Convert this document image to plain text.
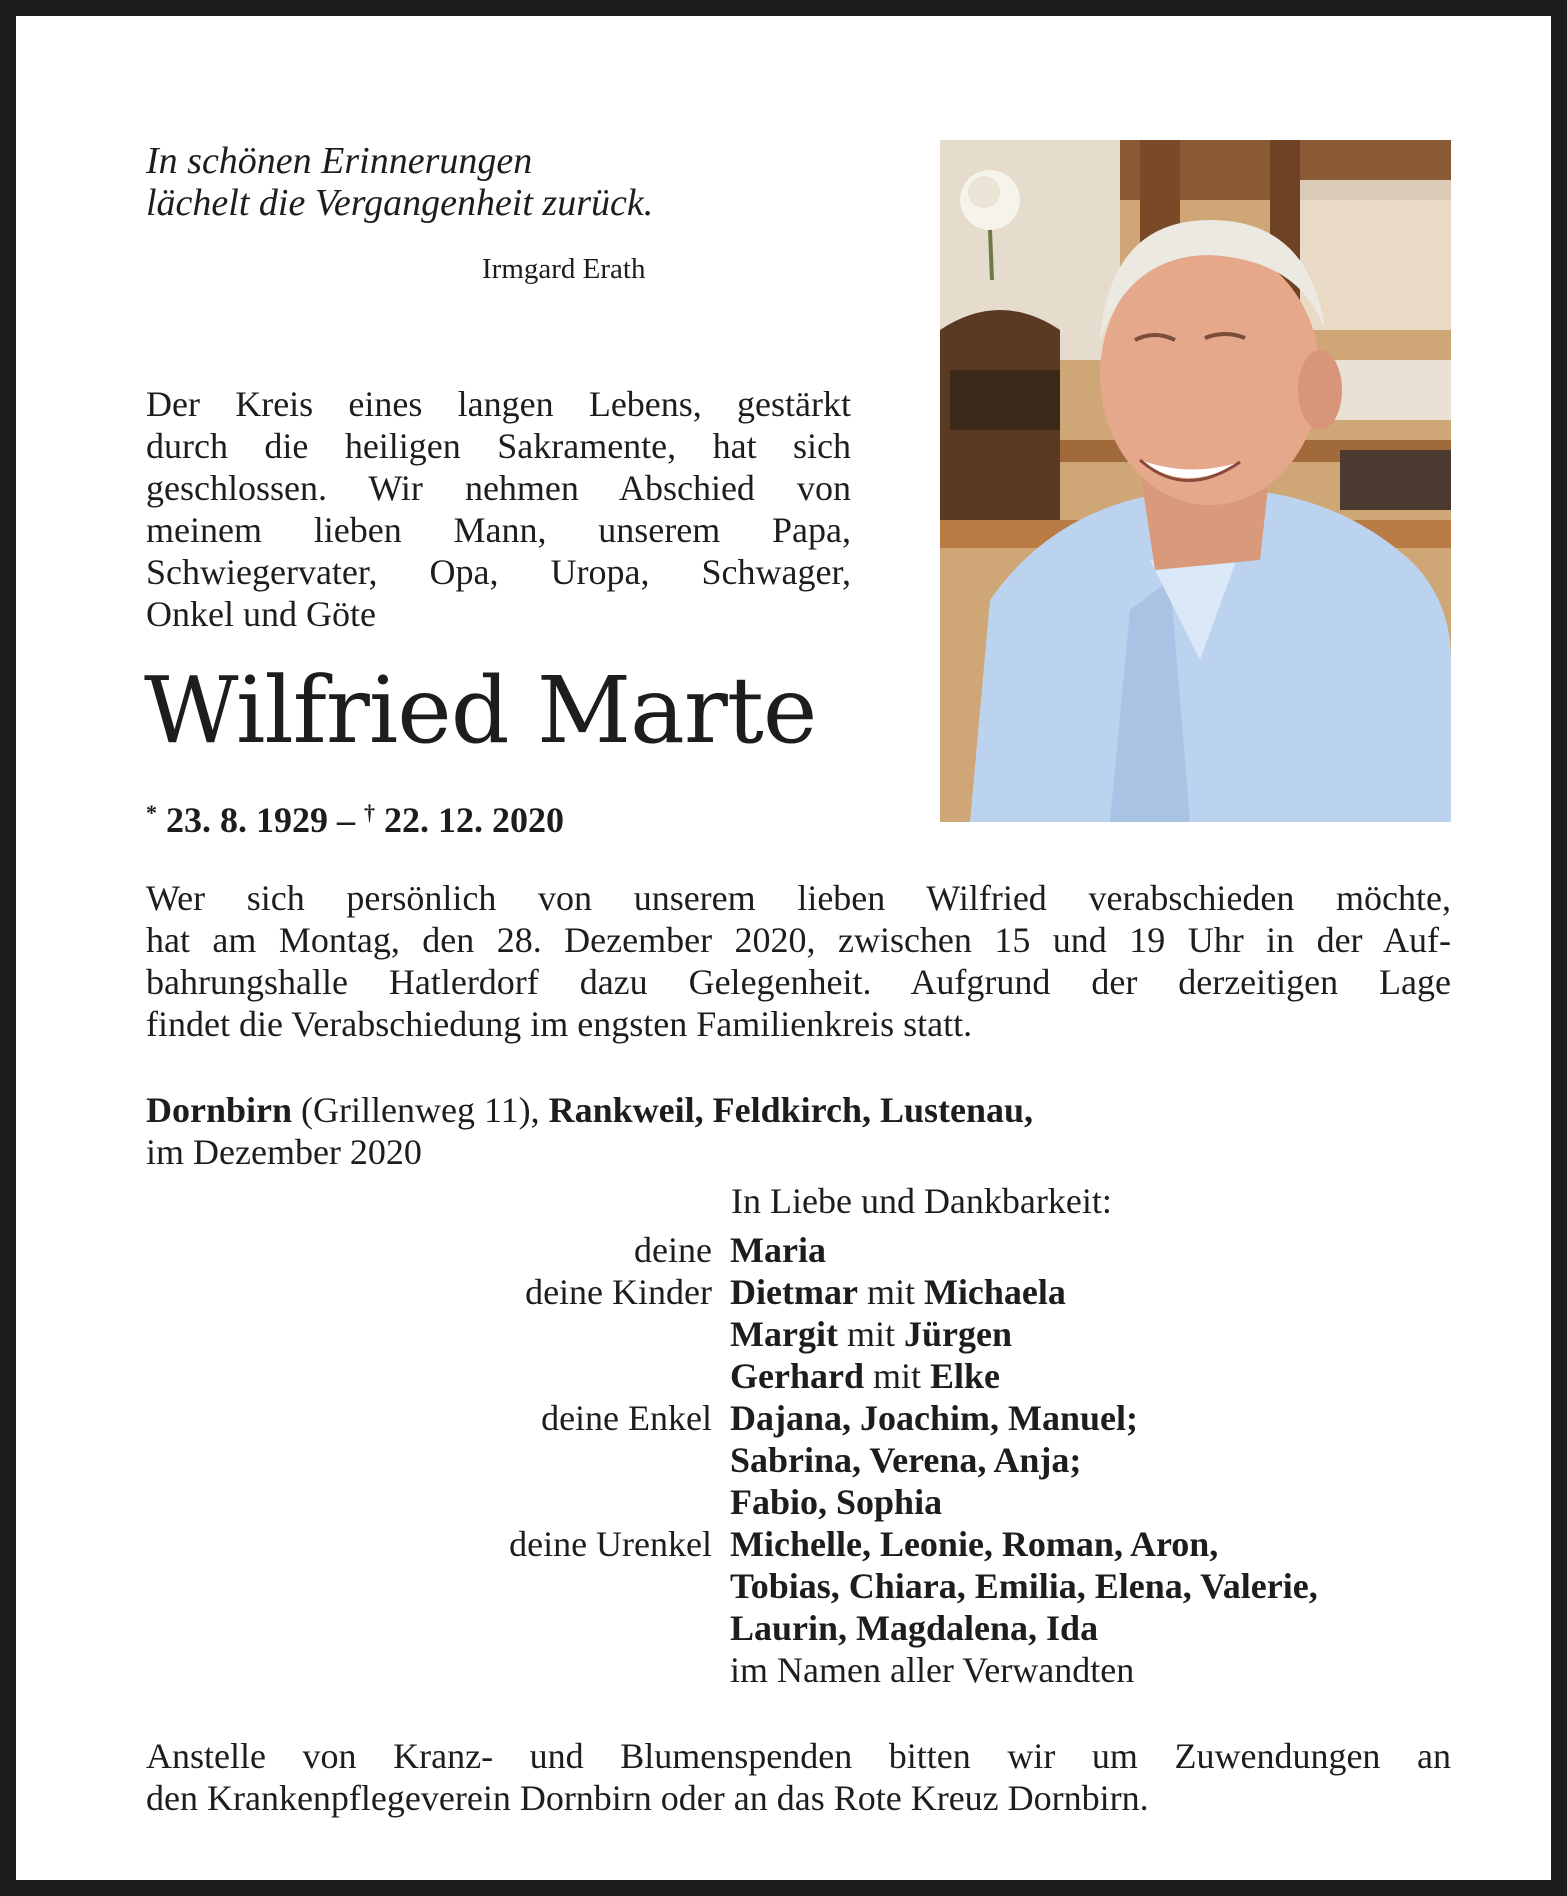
In schönen Erinnerungen
lächelt die Vergangenheit zurück.
Irmgard Erath
Der Kreis eines langen Lebens, gestärkt
durch die heiligen Sakramente, hat sich
geschlossen. Wir nehmen Abschied von
meinem lieben Mann, unserem Papa,
Schwiegervater, Opa, Uropa, Schwager,
Onkel und Göte
Wilfried Marte
* 23. 8. 1929 – † 22. 12. 2020
Wer sich persönlich von unserem lieben Wilfried verabschieden möchte,
hat am Montag, den 28. Dezember 2020, zwischen 15 und 19 Uhr in der Auf-
bahrungshalle Hatlerdorf dazu Gelegenheit. Aufgrund der derzeitigen Lage
findet die Verabschiedung im engsten Familienkreis statt.
Dornbirn (Grillenweg 11), Rankweil, Feldkirch, Lustenau,
im Dezember 2020
In Liebe und Dankbarkeit:
deine Maria
deine Kinder Dietmar mit Michaela
Margit mit Jürgen
Gerhard mit Elke
deine Enkel Dajana, Joachim, Manuel;
Sabrina, Verena, Anja;
Fabio, Sophia
deine Urenkel Michelle, Leonie, Roman, Aron,
Tobias, Chiara, Emilia, Elena, Valerie,
Laurin, Magdalena, Ida
im Namen aller Verwandten
Anstelle von Kranz- und Blumenspenden bitten wir um Zuwendungen an
den Krankenpflegeverein Dornbirn oder an das Rote Kreuz Dornbirn.
